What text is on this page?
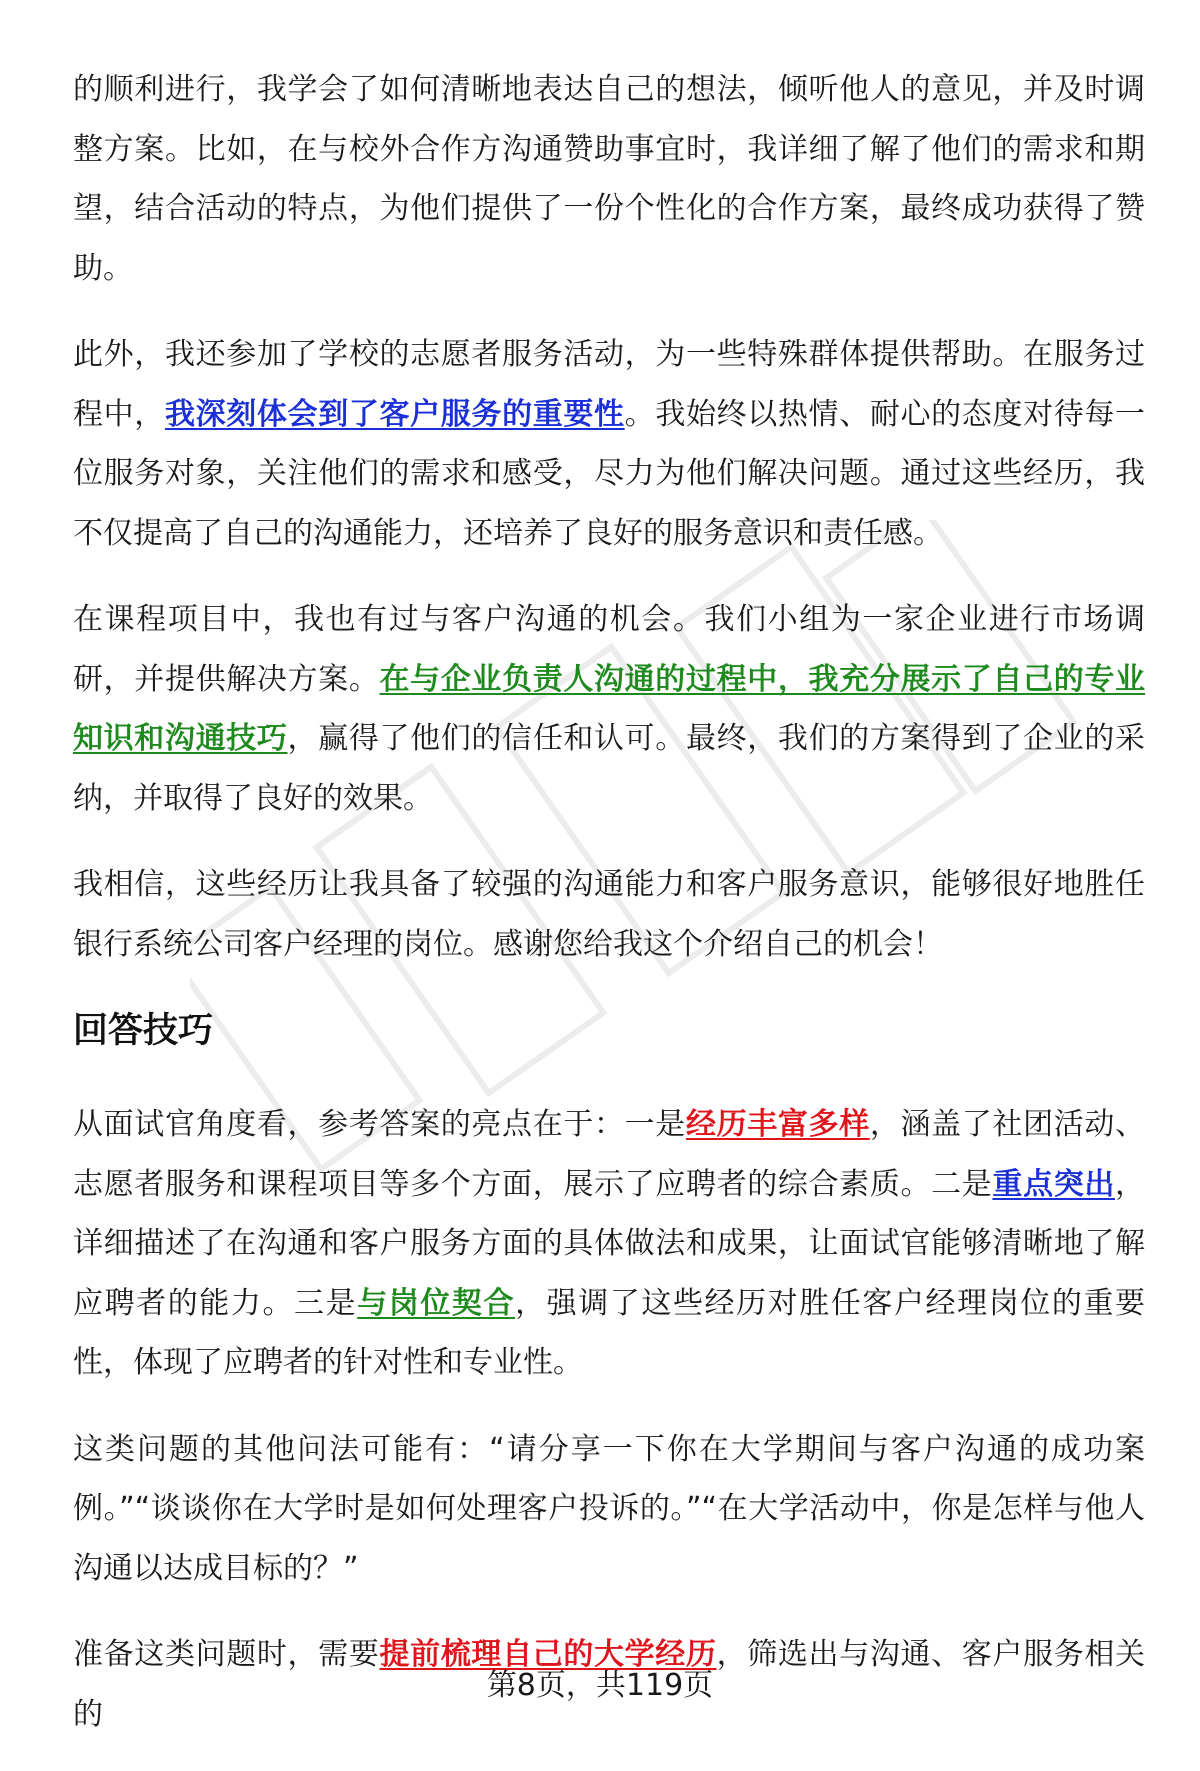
的顺利进行，我学会了如何清晰地表达自己的想法，倾听他人的意见，并及时调整方案。比如，在与校外合作方沟通赞助事宜时，我详细了解了他们的需求和期望，结合活动的特点，为他们提供了一份个性化的合作方案，最终成功获得了赞助。

此外，我还参加了学校的志愿者服务活动，为一些特殊群体提供帮助。在服务过程中，我深刻体会到了客户服务的重要性。我始终以热情、耐心的态度对待每一位服务对象，关注他们的需求和感受，尽力为他们解决问题。通过这些经历，我不仅提高了自己的沟通能力，还培养了良好的服务意识和责任感。

在课程项目中，我也有过与客户沟通的机会。我们小组为一家企业进行市场调研，并提供解决方案。在与企业负责人沟通的过程中，我充分展示了自己的专业知识和沟通技巧，赢得了他们的信任和认可。最终，我们的方案得到了企业的采纳，并取得了良好的效果。

我相信，这些经历让我具备了较强的沟通能力和客户服务意识，能够很好地胜任银行系统公司客户经理的岗位。感谢您给我这个介绍自己的机会！

回答技巧

从面试官角度看，参考答案的亮点在于：一是经历丰富多样，涵盖了社团活动、志愿者服务和课程项目等多个方面，展示了应聘者的综合素质。二是重点突出，详细描述了在沟通和客户服务方面的具体做法和成果，让面试官能够清晰地了解应聘者的能力。三是与岗位契合，强调了这些经历对胜任客户经理岗位的重要性，体现了应聘者的针对性和专业性。

这类问题的其他问法可能有：“请分享一下你在大学期间与客户沟通的成功案例。”“谈谈你在大学时是如何处理客户投诉的。”“在大学活动中，你是怎样与他人沟通以达成目标的？”

准备这类问题时，需要提前梳理自己的大学经历，筛选出与沟通、客户服务相关的

第8页，共119页
